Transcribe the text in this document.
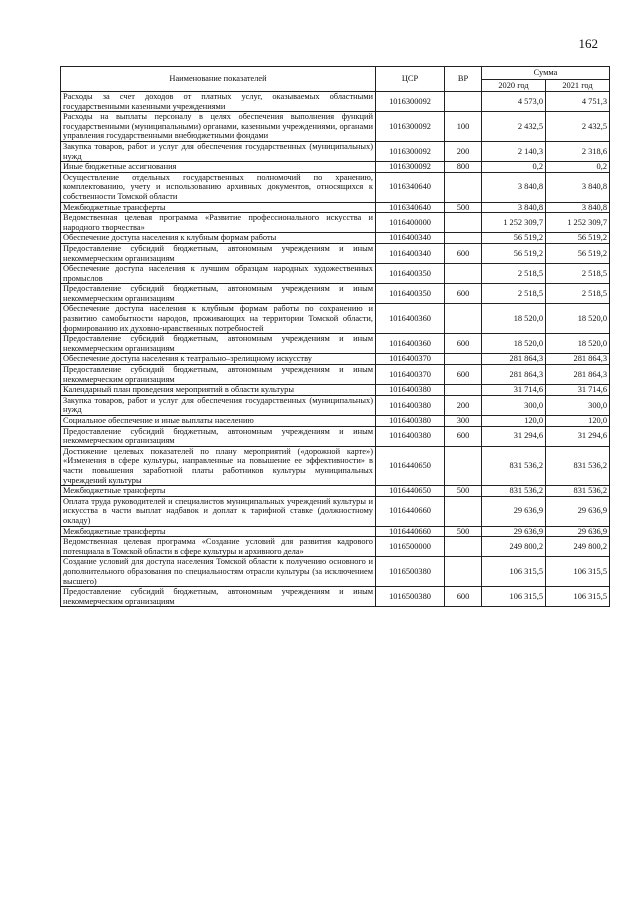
162
Наименование показателей	ЦСР	ВР	Сумма	
			2020 год	2021 год
Расходы за счет доходов от платных услуг, оказываемых областными государственными казенными учреждениями	1016300092		4 573,0	4 751,3
Расходы на выплаты персоналу в целях обеспечения выполнения функций государственными (муниципальными) органами, казенными учреждениями, органами управления государственными внебюджетными фондами	1016300092	100	2 432,5	2 432,5
Закупка товаров, работ и услуг для обеспечения государственных (муниципальных) нужд	1016300092	200	2 140,3	2 318,6
Иные бюджетные ассигнования	1016300092	800	0,2	0,2
Осуществление отдельных государственных полномочий по хранению, комплектованию, учету и использованию архивных документов, относящихся к собственности Томской области	1016340640		3 840,8	3 840,8
Межбюджетные трансферты	1016340640	500	3 840,8	3 840,8
Ведомственная целевая программа «Развитие профессионального искусства и народного творчества»	1016400000		1 252 309,7	1 252 309,7
Обеспечение доступа населения к клубным формам работы	1016400340		56 519,2	56 519,2
Предоставление субсидий бюджетным, автономным учреждениям и иным некоммерческим организациям	1016400340	600	56 519,2	56 519,2
Обеспечение доступа населения к лучшим образцам народных художественных промыслов	1016400350		2 518,5	2 518,5
Предоставление субсидий бюджетным, автономным учреждениям и иным некоммерческим организациям	1016400350	600	2 518,5	2 518,5
Обеспечение доступа населения к клубным формам работы по сохранению и развитию самобытности народов, проживающих на территории Томской области, формированию их духовно-нравственных потребностей	1016400360		18 520,0	18 520,0
Предоставление субсидий бюджетным, автономным учреждениям и иным некоммерческим организациям	1016400360	600	18 520,0	18 520,0
Обеспечение доступа населения к театрально–зрелищному искусству	1016400370		281 864,3	281 864,3
Предоставление субсидий бюджетным, автономным учреждениям и иным некоммерческим организациям	1016400370	600	281 864,3	281 864,3
Календарный план проведения мероприятий в области культуры	1016400380		31 714,6	31 714,6
Закупка товаров, работ и услуг для обеспечения государственных (муниципальных) нужд	1016400380	200	300,0	300,0
Социальное обеспечение и иные выплаты населению	1016400380	300	120,0	120,0
Предоставление субсидий бюджетным, автономным учреждениям и иным некоммерческим организациям	1016400380	600	31 294,6	31 294,6
Достижение целевых показателей по плану мероприятий («дорожной карте») «Изменения в сфере культуры, направленные на повышение ее эффективности» в части повышения заработной платы работников культуры муниципальных учреждений культуры	1016440650		831 536,2	831 536,2
Межбюджетные трансферты	1016440650	500	831 536,2	831 536,2
Оплата труда руководителей и специалистов муниципальных учреждений культуры и искусства в части выплат надбавок и доплат к тарифной ставке (должностному окладу)	1016440660		29 636,9	29 636,9
Межбюджетные трансферты	1016440660	500	29 636,9	29 636,9
Ведомственная целевая программа «Создание условий для развития кадрового потенциала в Томской области в сфере культуры и архивного дела»	1016500000		249 800,2	249 800,2
Создание условий для доступа населения Томской области к получению основного и дополнительного образования по специальностям отрасли культуры (за исключением высшего)	1016500380		106 315,5	106 315,5
Предоставление субсидий бюджетным, автономным учреждениям и иным некоммерческим организациям	1016500380	600	106 315,5	106 315,5
